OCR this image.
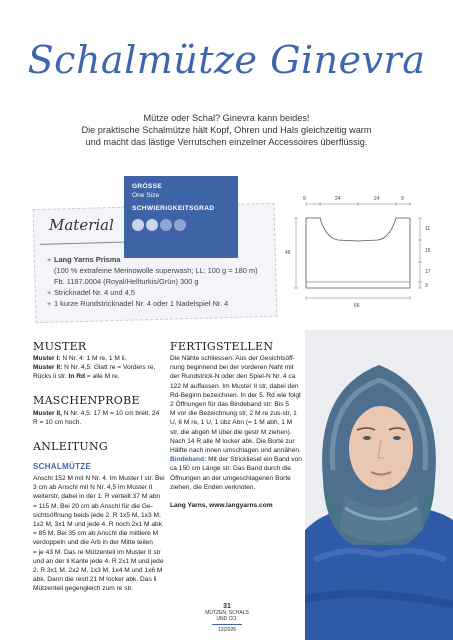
Schalmütze Ginevra
Mütze oder Schal? Ginevra kann beides!
Die praktische Schalmütze hält Kopf, Ohren und Hals gleichzeitig warm
und macht das lästige Verrutschen einzelner Accessoires überflüssig.
Material
+ Lang Yarns Prisma
(100 % extrafeine Merinowolle superwash; LL: 100 g = 180 m)
Fb. 1187.0004 (Royal/Hellturkis/Grün) 300 g
+ Stricknadel Nr. 4 und 4,5
+ 1 kurze Rundstricknadel Nr. 4 oder 1 Nadelspiel Nr. 4
GRÖSSE
One Size
SCHWIERIGKEITSGRAD
9	24	24	9
11
15
17
3
46
66
MUSTER
Muster I: N Nr. 4: 1 M re, 1 M li.
Muster II: N Nr. 4,5: Glatt re = Vorders re,
Rücks li str. In Rd = alle M re.
MASCHENPROBE
Muster II, N Nr. 4,5: 17 M = 10 cm breit. 24
R = 10 cm hoch.
ANLEITUNG
SCHALMÜTZE
Anschl 152 M mit N Nr. 4. Im Muster I str. Bei
3 cm ab Anschl mit N Nr. 4,5 im Muster II
weiterstr, dabei in der 1. R verteilt 37 M abn
= 115 M. Bei 20 cm ab Anschl für die Ge-
sichtsöffnung beids jede 2. R 1x5 M, 1x3 M,
1x2 M, 3x1 M und jede 4. R noch 2x1 M abk
= 85 M. Bei 35 cm ab Anschl die mittlere M
verdoppeln und die Arb in der Mitte teilen
= je 43 M. Das re Mützenteil im Muster II str
und an der li Kante jede 4. R 2x1 M und jede
2. R 3x1 M, 2x2 M, 1x3 M, 1x4 M und 1x6 M
abk. Dann die restl 21 M locker abk. Das li
Mützenteil gegengleich zum re str.
FERTIGSTELLEN
Die Nähte schliessen. Aus der Gesichtsöff-
nung beginnend bei der vorderen Naht mit
der Rundstrick-N oder den Spiel-N Nr. 4 ca
122 M auffassen. Im Muster II str, dabei den
Rd-Beginn bezeichnen. In der 5. Rd wie folgt
2 Öffnungen für das Bindeband str: Bis 5
M vor die Bezeichnung str, 2 M re zus-str, 1
U, 6 M re, 1 U, 1 übz Abn (= 1 M abh, 1 M
str, die abgeh M über die gestr M ziehen).
Nach 14 R alle M locker abk. Die Borte zur
Hälfte nach innen umschlagen und annähen.
Bindeband: Mit der Strickliesel ein Band von
ca 150 cm Länge str. Das Band durch die
Öffnungen an der umgeschlagenen Borte
ziehen, die Enden verknoten.
Lang Yarns, www.langyarns.com
31
MÜTZEN, SCHALS
UND CO.
13|2026
